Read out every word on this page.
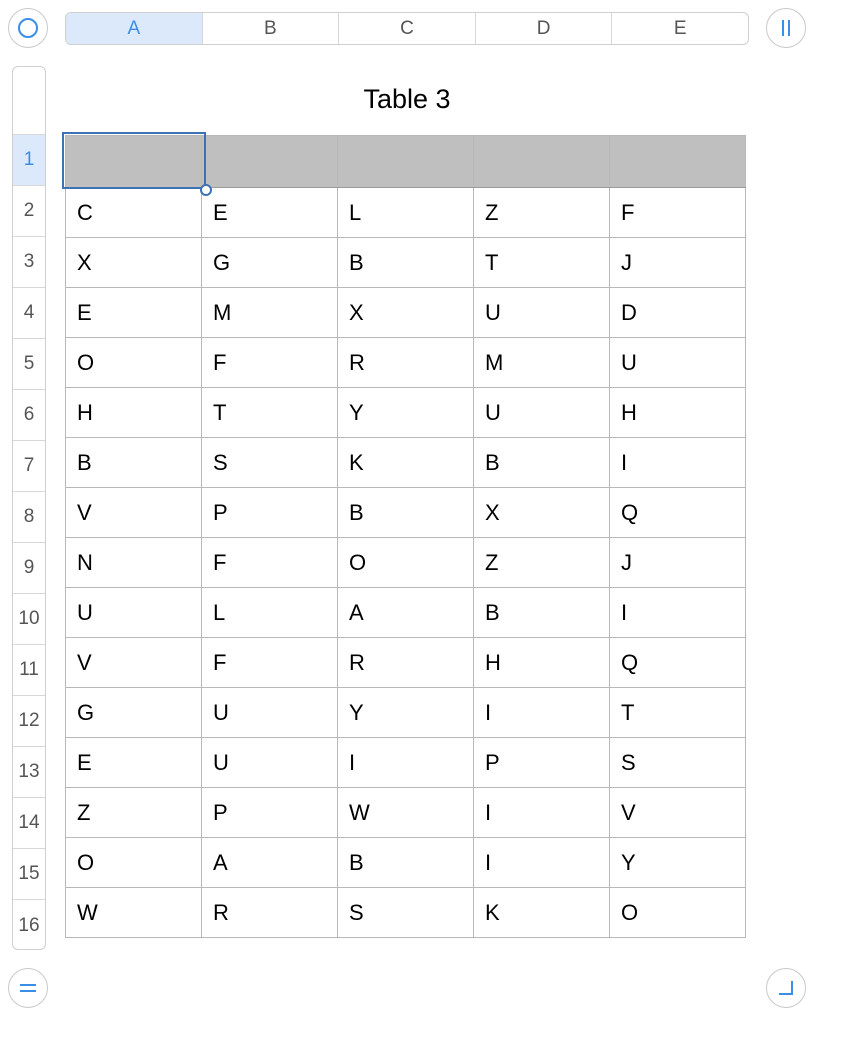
A	B	C	D	E
1
2
3
4
5
6
7
8
9
10
11
12
13
14
15
16
Table 3

C	E	L	Z	F
X	G	B	T	J
E	M	X	U	D
O	F	R	M	U
H	T	Y	U	H
B	S	K	B	I
V	P	B	X	Q
N	F	O	Z	J
U	L	A	B	I
V	F	R	H	Q
G	U	Y	I	T
E	U	I	P	S
Z	P	W	I	V
O	A	B	I	Y
W	R	S	K	O
